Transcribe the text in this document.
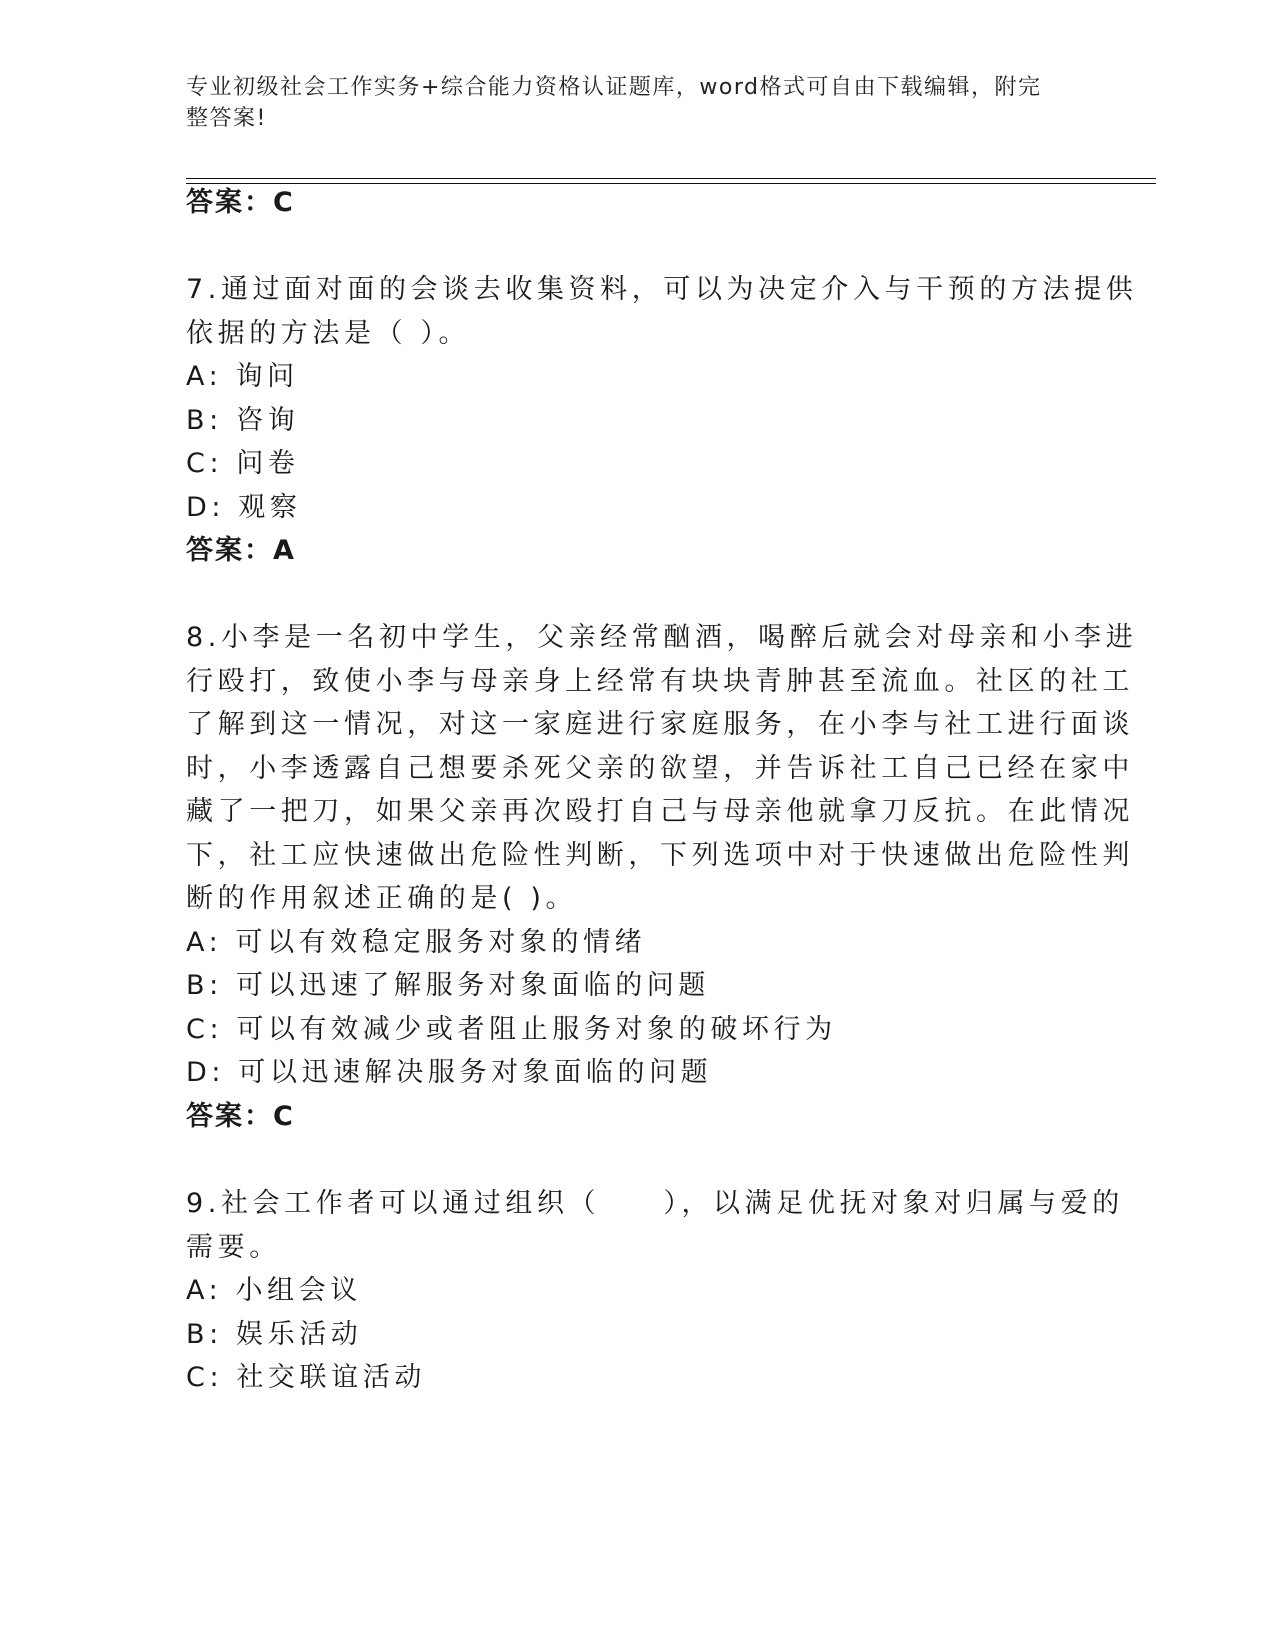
专业初级社会工作实务+综合能力资格认证题库，word格式可自由下载编辑，附完
整答案!
答案：C
7.通过面对面的会谈去收集资料，可以为决定介入与干预的方法提供
依据的方法是（ ）。
A: 询问
B: 咨询
C: 问卷
D: 观察
答案：A
8.小李是一名初中学生，父亲经常酗酒，喝醉后就会对母亲和小李进
行殴打，致使小李与母亲身上经常有块块青肿甚至流血。社区的社工
了解到这一情况，对这一家庭进行家庭服务，在小李与社工进行面谈
时，小李透露自己想要杀死父亲的欲望，并告诉社工自己已经在家中
藏了一把刀，如果父亲再次殴打自己与母亲他就拿刀反抗。在此情况
下，社工应快速做出危险性判断，下列选项中对于快速做出危险性判
断的作用叙述正确的是( )。
A: 可以有效稳定服务对象的情绪
B: 可以迅速了解服务对象面临的问题
C: 可以有效减少或者阻止服务对象的破坏行为
D: 可以迅速解决服务对象面临的问题
答案：C
9.社会工作者可以通过组织（　　），以满足优抚对象对归属与爱的
需要。
A: 小组会议
B: 娱乐活动
C: 社交联谊活动
